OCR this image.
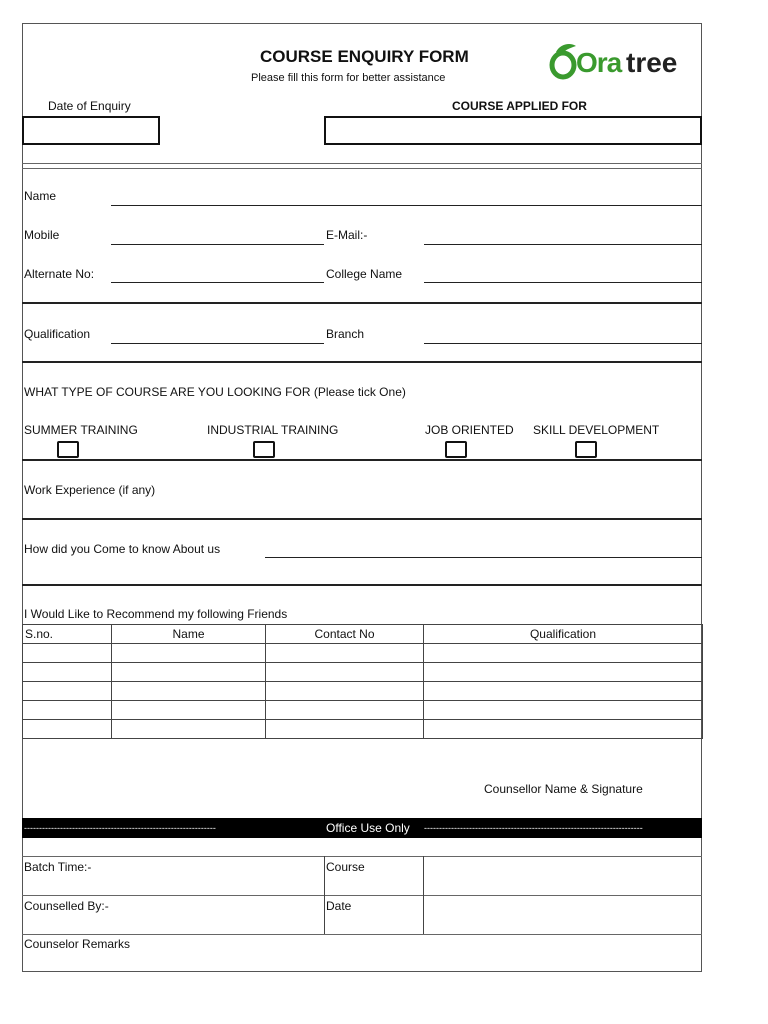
COURSE ENQUIRY FORM
Please fill this form for better assistance	Ora tree
Date of Enquiry	COURSE APPLIED FOR
Name
Mobile	E-Mail:-
Alternate No:	College Name
Qualification	Branch
WHAT TYPE OF COURSE ARE YOU LOOKING FOR (Please tick One)
SUMMER TRAINING	INDUSTRIAL TRAINING	JOB ORIENTED SKILL DEVELOPMENT
Work Experience (if any)
How did you Come to know About us
I Would Like to Recommend my following Friends
S.no.	Name	Contact No	Qualification

Counsellor Name & Signature
----------------------------------------------------------------	Office Use Only -------------------------------------------------------------------------
Batch Time:-	Course
Counselled By:-	Date
Counselor Remarks
